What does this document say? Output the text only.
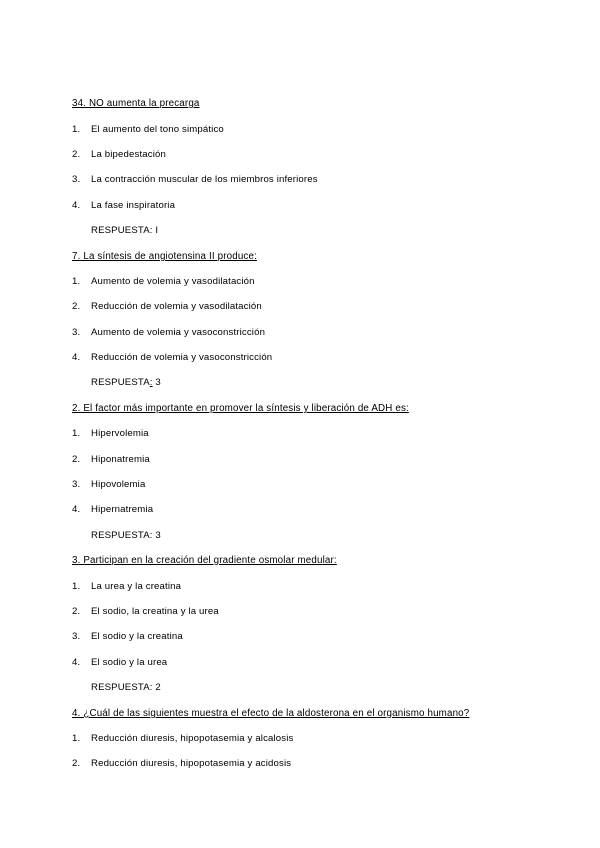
34. NO aumenta la precarga
1. El aumento del tono simpático
2. La bipedestación
3. La contracción muscular de los miembros inferiores
4. La fase inspiratoria
RESPUESTA: I
7. La síntesis de angiotensina II produce:
1. Aumento de volemia y vasodilatación
2. Reducción de volemia y vasodilatación
3. Aumento de volemia y vasoconstricción
4. Reducción de volemia y vasoconstricción
RESPUESTA: 3
2. El factor más importante en promover la síntesis y liberación de ADH es:
1. Hipervolemia
2. Hiponatremia
3. Hipovolemia
4. Hipernatremia
RESPUESTA: 3
3. Participan en la creación del gradiente osmolar medular:
1. La urea y la creatina
2. El sodio, la creatina y la urea
3. El sodio y la creatina
4. El sodio y la urea
RESPUESTA: 2
4. ¿Cuál de las siguientes muestra el efecto de la aldosterona en el organismo humano?
1. Reducción diuresis, hipopotasemia y alcalosis
2. Reducción diuresis, hipopotasemia y acidosis
